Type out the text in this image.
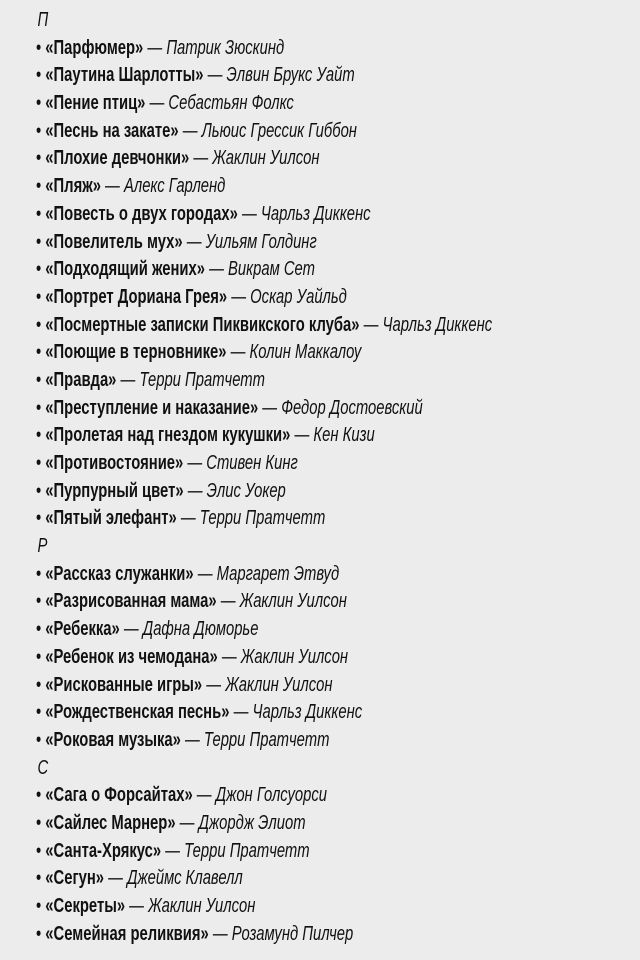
П
• «Парфюмер» — Патрик Зюскинд
• «Паутина Шарлотты» — Элвин Брукс Уайт
• «Пение птиц» — Себастьян Фолкс
• «Песнь на закате» — Льюис Грессик Гиббон
• «Плохие девчонки» — Жаклин Уилсон
• «Пляж» — Алекс Гарленд
• «Повесть о двух городах» — Чарльз Диккенс
• «Повелитель мух» — Уильям Голдинг
• «Подходящий жених» — Викрам Сет
• «Портрет Дориана Грея» — Оскар Уайльд
• «Посмертные записки Пиквикского клуба» — Чарльз Диккенс
• «Поющие в терновнике» — Колин Маккалоу
• «Правда» — Терри Пратчетт
• «Преступление и наказание» — Федор Достоевский
• «Пролетая над гнездом кукушки» — Кен Кизи
• «Противостояние» — Стивен Кинг
• «Пурпурный цвет» — Элис Уокер
• «Пятый элефант» — Терри Пратчетт
Р
• «Рассказ служанки» — Маргарет Этвуд
• «Разрисованная мама» — Жаклин Уилсон
• «Ребекка» — Дафна Дюморье
• «Ребенок из чемодана» — Жаклин Уилсон
• «Рискованные игры» — Жаклин Уилсон
• «Рождественская песнь» — Чарльз Диккенс
• «Роковая музыка» — Терри Пратчетт
С
• «Сага о Форсайтах» — Джон Голсуорси
• «Сайлес Марнер» — Джордж Элиот
• «Санта-Хрякус» — Терри Пратчетт
• «Сегун» — Джеймс Клавелл
• «Секреты» — Жаклин Уилсон
• «Семейная реликвия» — Розамунд Пилчер
